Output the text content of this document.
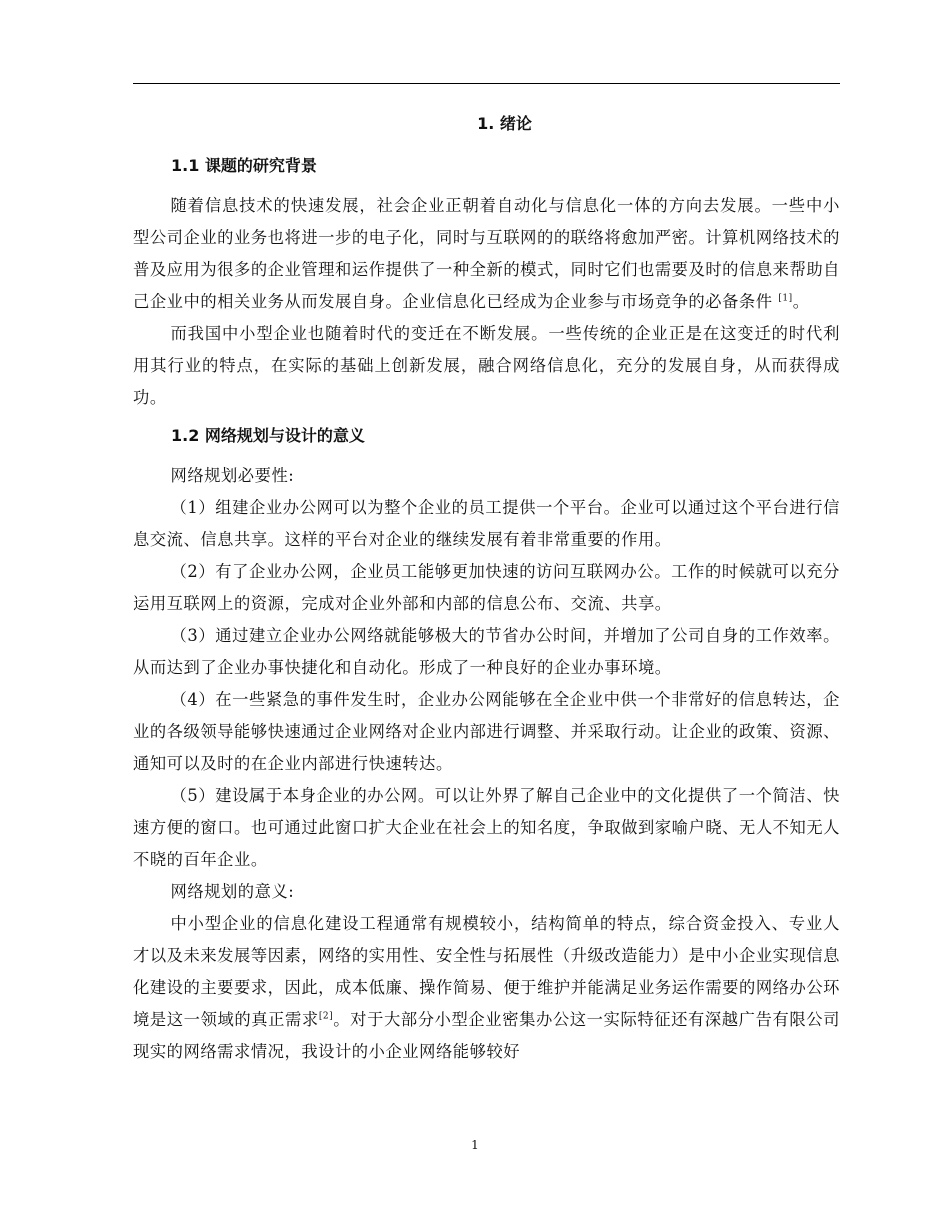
1. 绪论
1.1 课题的研究背景

随着信息技术的快速发展，社会企业正朝着自动化与信息化一体的方向去发展。一些中小型公司企业的业务也将进一步的电子化，同时与互联网的的联络将愈加严密。计算机网络技术的普及应用为很多的企业管理和运作提供了一种全新的模式，同时它们也需要及时的信息来帮助自己企业中的相关业务从而发展自身。企业信息化已经成为企业参与市场竞争的必备条件 [1]。

而我国中小型企业也随着时代的变迁在不断发展。一些传统的企业正是在这变迁的时代利用其行业的特点，在实际的基础上创新发展，融合网络信息化，充分的发展自身，从而获得成功。

1.2 网络规划与设计的意义

网络规划必要性:

（1）组建企业办公网可以为整个企业的员工提供一个平台。企业可以通过这个平台进行信息交流、信息共享。这样的平台对企业的继续发展有着非常重要的作用。

（2）有了企业办公网，企业员工能够更加快速的访问互联网办公。工作的时候就可以充分运用互联网上的资源，完成对企业外部和内部的信息公布、交流、共享。

（3）通过建立企业办公网络就能够极大的节省办公时间，并增加了公司自身的工作效率。从而达到了企业办事快捷化和自动化。形成了一种良好的企业办事环境。

（4）在一些紧急的事件发生时，企业办公网能够在全企业中供一个非常好的信息转达，企业的各级领导能够快速通过企业网络对企业内部进行调整、并采取行动。让企业的政策、资源、通知可以及时的在企业内部进行快速转达。

（5）建设属于本身企业的办公网。可以让外界了解自己企业中的文化提供了一个简洁、快速方便的窗口。也可通过此窗口扩大企业在社会上的知名度，争取做到家喻户晓、无人不知无人不晓的百年企业。

网络规划的意义:

中小型企业的信息化建设工程通常有规模较小，结构简单的特点，综合资金投入、专业人才以及未来发展等因素，网络的实用性、安全性与拓展性（升级改造能力）是中小企业实现信息化建设的主要要求，因此，成本低廉、操作简易、便于维护并能满足业务运作需要的网络办公环境是这一领域的真正需求[2]。对于大部分小型企业密集办公这一实际特征还有深越广告有限公司现实的网络需求情况，我设计的小企业网络能够较好

1
